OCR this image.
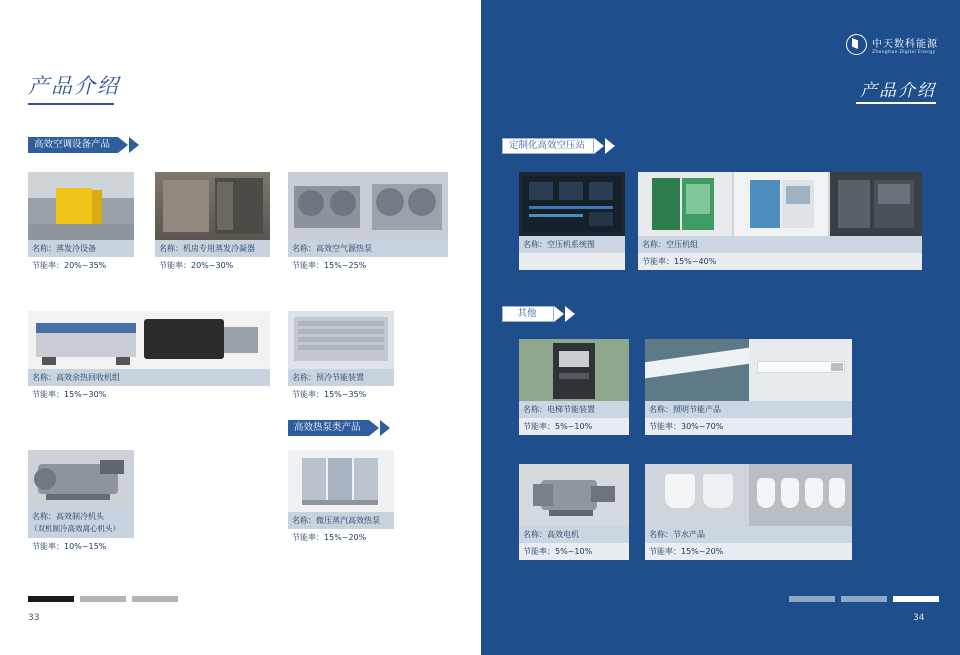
产品介绍
高效空调设备产品
名称：蒸发冷设备
节能率：20%~35%
名称：机房专用蒸发冷凝器
节能率：20%~30%
名称：高效空气源热泵
节能率：15%~25%
名称：高效余热回收机组
节能率：15%~30%
名称：预冷节能装置
节能率：15%~35%
高效热泵类产品
名称：高效制冷机头
（双机制冷高效离心机头）
节能率：10%~15%
名称：微压蒸汽高效热泵
节能率：15%~20%
33
中天数科能源
Zhongtian Digital Energy
产品介绍
定制化高效空压站
名称：空压机系统图	名称：空压机组
节能率：15%~40%
其他
名称：电梯节能装置
节能率：5%~10%
名称：照明节能产品
节能率：30%~70%
名称：高效电机
节能率：5%~10%
名称：节水产品
节能率：15%~20%
34
